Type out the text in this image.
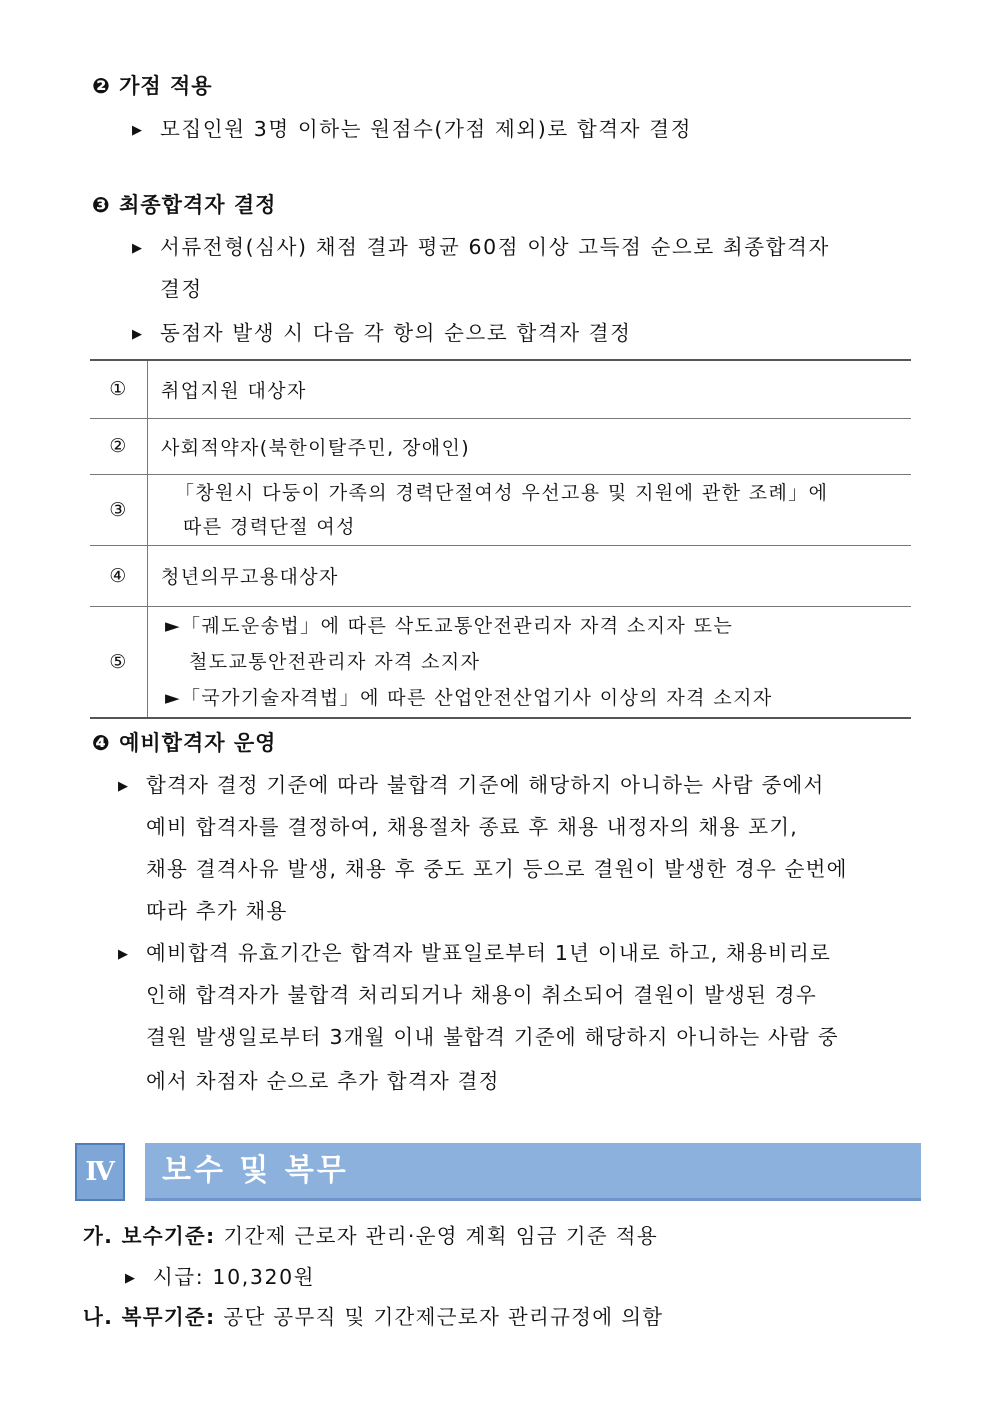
❷ 가점 적용
▶ 모집인원 3명 이하는 원점수(가점 제외)로 합격자 결정
❸ 최종합격자 결정
▶ 서류전형(심사) 채점 결과 평균 60점 이상 고득점 순으로 최종합격자
결정
▶ 동점자 발생 시 다음 각 항의 순으로 합격자 결정
①	취업지원 대상자
②	사회적약자(북한이탈주민, 장애인)
③	「창원시 다둥이 가족의 경력단절여성 우선고용 및 지원에 관한 조례」에
따른 경력단절 여성

④	청년의무고용대상자
⑤	►「궤도운송법」에 따른 삭도교통안전관리자 자격 소지자 또는
철도교통안전관리자 자격 소지자
►「국가기술자격법」에 따른 산업안전산업기사 이상의 자격 소지자
❹ 예비합격자 운영
▶ 합격자 결정 기준에 따라 불합격 기준에 해당하지 아니하는 사람 중에서
예비 합격자를 결정하여, 채용절차 종료 후 채용 내정자의 채용 포기,
채용 결격사유 발생, 채용 후 중도 포기 등으로 결원이 발생한 경우 순번에
따라 추가 채용
▶ 예비합격 유효기간은 합격자 발표일로부터 1년 이내로 하고, 채용비리로
인해 합격자가 불합격 처리되거나 채용이 취소되어 결원이 발생된 경우
결원 발생일로부터 3개월 이내 불합격 기준에 해당하지 아니하는 사람 중
에서 차점자 순으로 추가 합격자 결정
Ⅳ	보수 및 복무
가. 보수기준: 기간제 근로자 관리·운영 계획 임금 기준 적용
▶ 시급: 10,320원
나. 복무기준: 공단 공무직 및 기간제근로자 관리규정에 의함
